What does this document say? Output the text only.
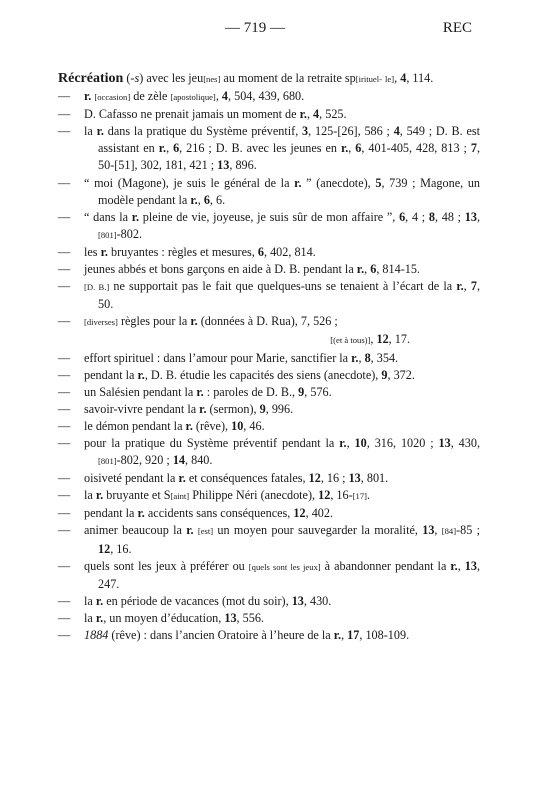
— 719 —	REC

Récréation (-s) avec les jeu[nes] au moment de la retraite sp[irituel- le], 4, 114.

— r. [occasion] de zèle [apostolique], 4, 504, 439, 680.

— D. Cafasso ne prenait jamais un moment de r., 4, 525.

— la r. dans la pratique du Système préventif, 3, 125-[26], 586 ; 4, 549 ; D. B. est assistant en r., 6, 216 ; D. B. avec les jeunes en r., 6, 401-405, 428, 813 ; 7, 50-[51], 302, 181, 421 ; 13, 896.

— “ moi (Magone), je suis le général de la r. ” (anecdote), 5, 739 ; Magone, un modèle pendant la r., 6, 6.

— “ dans la r. pleine de vie, joyeuse, je suis sûr de mon affaire ”, 6, 4 ; 8, 48 ; 13, [801]-802.

— les r. bruyantes : règles et mesures, 6, 402, 814.

— jeunes abbés et bons garçons en aide à D. B. pendant la r., 6, 814-15.

— [D. B.] ne supportait pas le fait que quelques-uns se tenaient à l’écart de la r., 7, 50.

— [diverses] règles pour la r. (données à D. Rua), 7, 526 ;
[(et à tous)], 12, 17.

— effort spirituel : dans l’amour pour Marie, sanctifier la r., 8, 354.

— pendant la r., D. B. étudie les capacités des siens (anecdote), 9, 372.

— un Salésien pendant la r. : paroles de D. B., 9, 576.

— savoir-vivre pendant la r. (sermon), 9, 996.

— le démon pendant la r. (rêve), 10, 46.

— pour la pratique du Système préventif pendant la r., 10, 316, 1020 ; 13, 430, [801]-802, 920 ; 14, 840.

— oisiveté pendant la r. et conséquences fatales, 12, 16 ; 13, 801.

— la r. bruyante et S[aint] Philippe Néri (anecdote), 12, 16-[17].

— pendant la r. accidents sans conséquences, 12, 402.

— animer beaucoup la r. [est] un moyen pour sauvegarder la moralité, 13, [84]-85 ; 12, 16.

— quels sont les jeux à préférer ou [quels sont les jeux] à abandonner pendant la r., 13, 247.

— la r. en période de vacances (mot du soir), 13, 430.

— la r., un moyen d’éducation, 13, 556.

— 1884 (rêve) : dans l’ancien Oratoire à l’heure de la r., 17, 108-109.
